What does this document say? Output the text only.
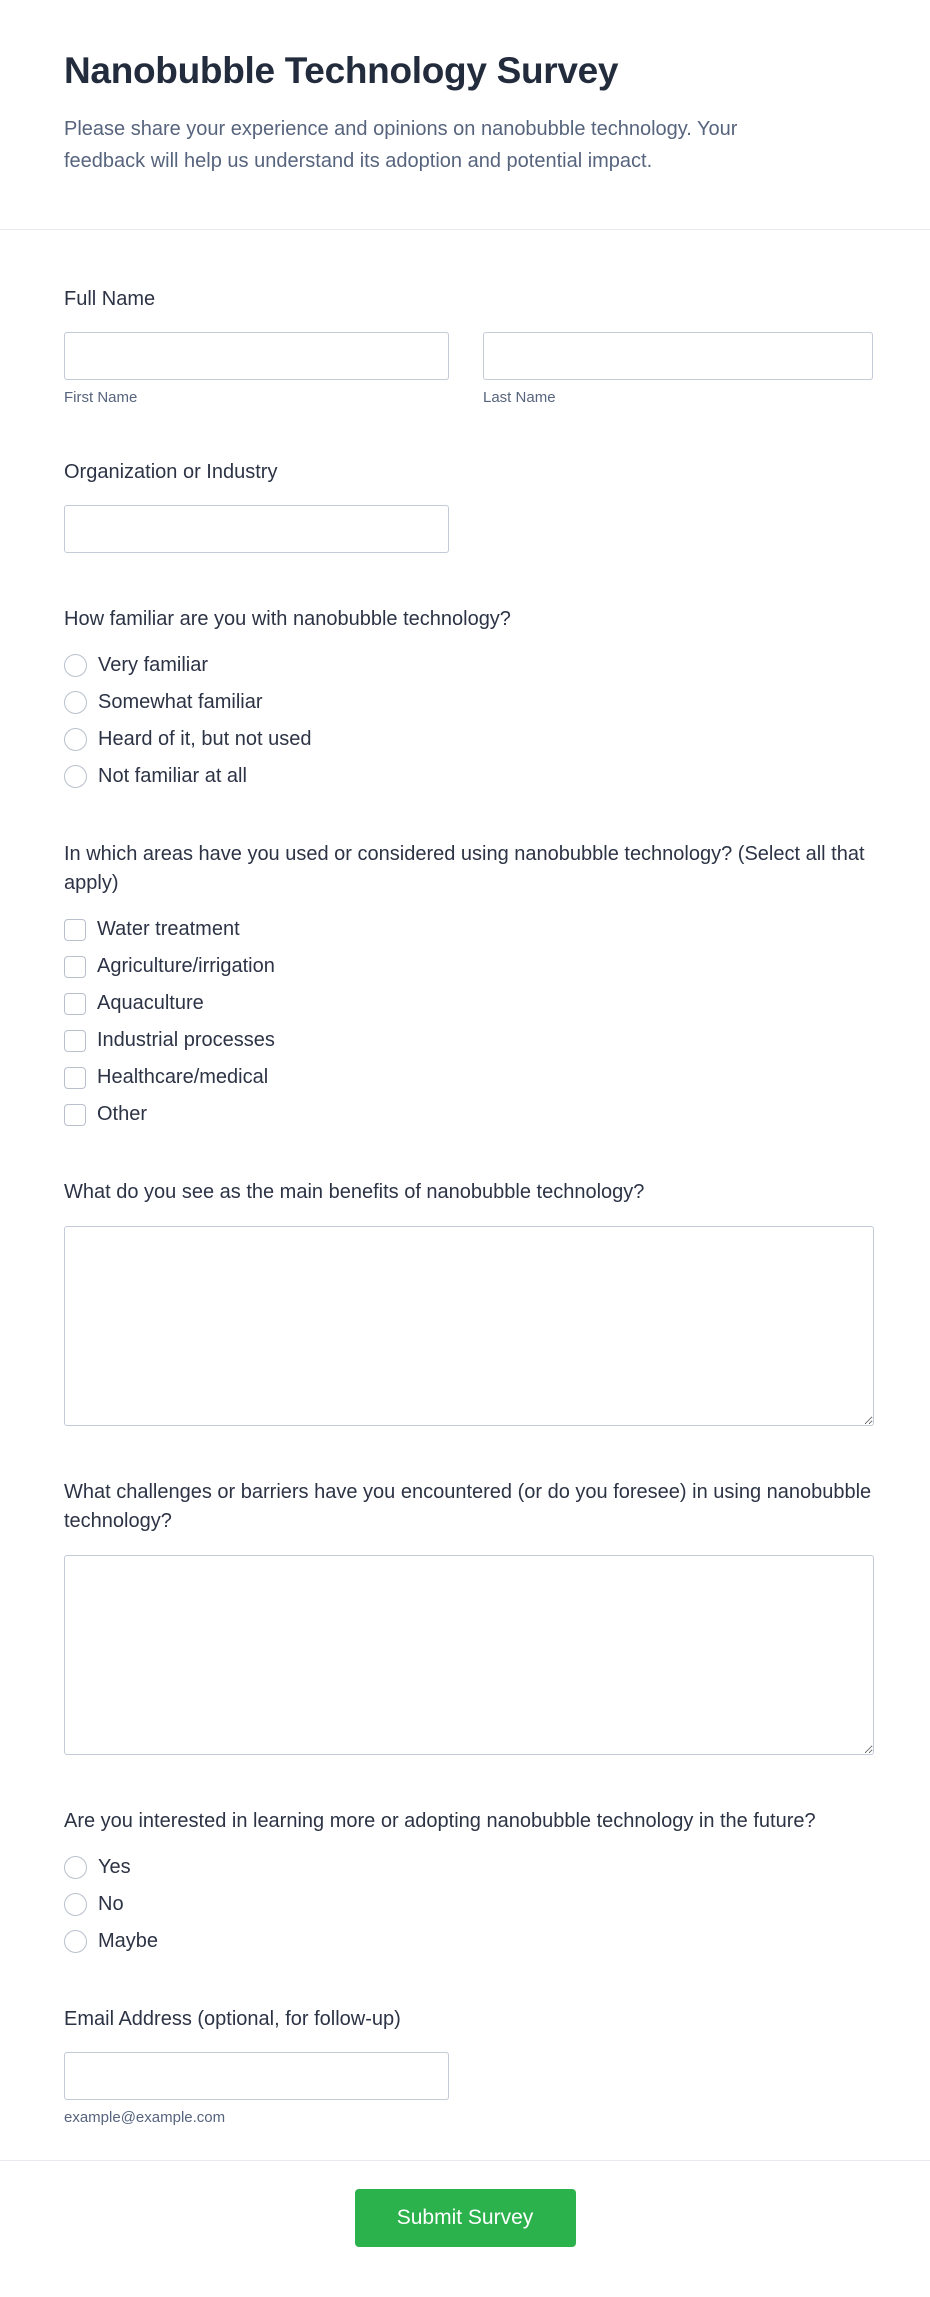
Nanobubble Technology Survey

Please share your experience and opinions on nanobubble technology. Your feedback will help us understand its adoption and potential impact.

Full Name
First Name	Last Name
Organization or Industry
How familiar are you with nanobubble technology?
Very familiar
Somewhat familiar
Heard of it, but not used
Not familiar at all
In which areas have you used or considered using nanobubble technology? (Select all that apply)
Water treatment
Agriculture/irrigation
Aquaculture
Industrial processes
Healthcare/medical
Other
What do you see as the main benefits of nanobubble technology?
What challenges or barriers have you encountered (or do you foresee) in using nanobubble technology?
Are you interested in learning more or adopting nanobubble technology in the future?
Yes
No
Maybe
Email Address (optional, for follow-up)
example@example.com
Submit Survey
